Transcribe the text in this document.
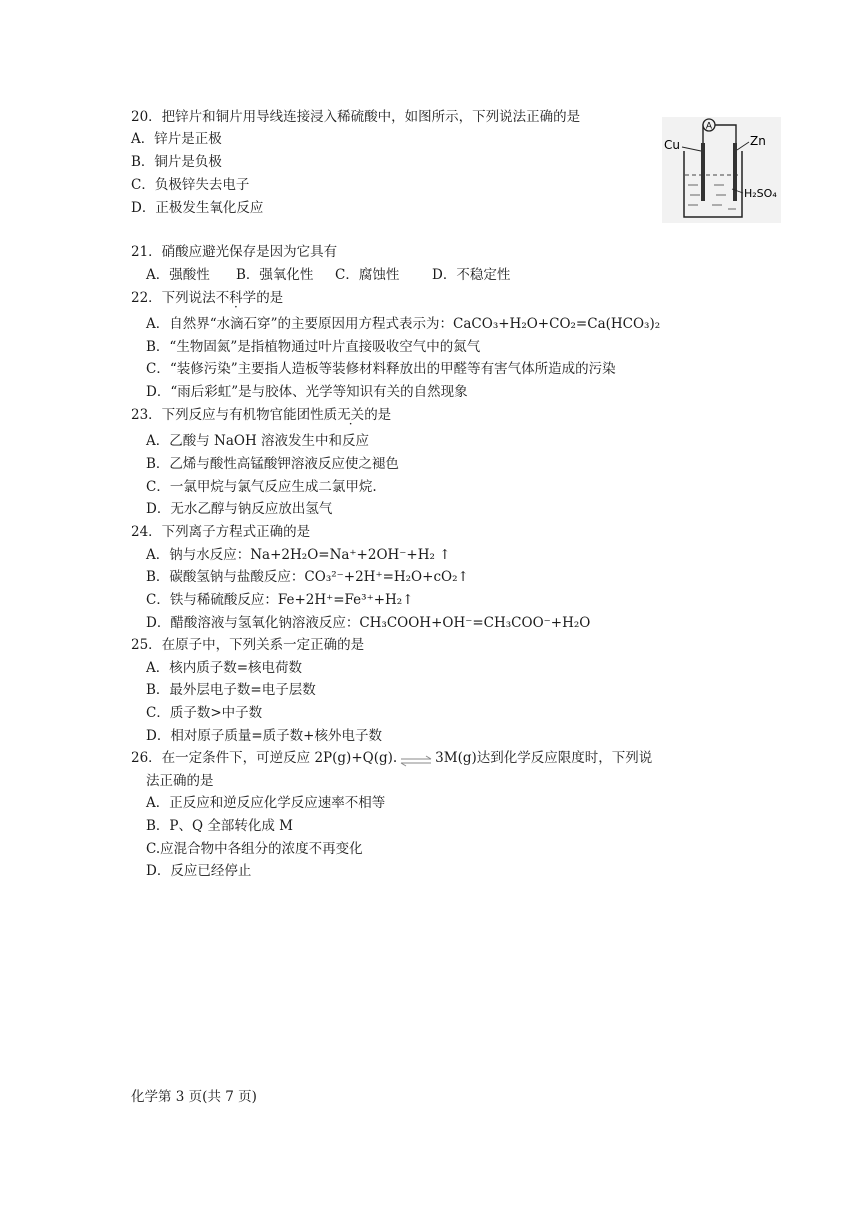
20．把锌片和铜片用导线连接浸入稀硫酸中，如图所示，下列说法正确的是
A．锌片是正极
B．铜片是负极
C．负极锌失去电子
D．正极发生氧化反应
A
Cu	Zn
H₂SO₄
21．硝酸应避光保存是因为它具有
A．强酸性 B．强氧化性 C．腐蚀性 D．不稳定性
22．下列说法不科学的是
A．自然界“水滴石穿”的主要原因用方程式表示为：CaCO₃+H₂O+CO₂=Ca(HCO₃)₂
B．“生物固氮”是指植物通过叶片直接吸收空气中的氮气
C．“装修污染”主要指人造板等装修材料释放出的甲醛等有害气体所造成的污染
D．“雨后彩虹”是与胶体、光学等知识有关的自然现象
23．下列反应与有机物官能团性质无关的是
A．乙酸与 NaOH 溶液发生中和反应
B．乙烯与酸性高锰酸钾溶液反应使之褪色
C．一氯甲烷与氯气反应生成二氯甲烷.
D．无水乙醇与钠反应放出氢气
24．下列离子方程式正确的是
A．钠与水反应：Na+2H₂O=Na⁺+2OH⁻+H₂ ↑
B．碳酸氢钠与盐酸反应：CO₃²⁻+2H⁺=H₂O+cO₂↑
C．铁与稀硫酸反应：Fe+2H⁺=Fe³⁺+H₂↑
D．醋酸溶液与氢氧化钠溶液反应：CH₃COOH+OH⁻=CH₃COO⁻+H₂O
25．在原子中，下列关系一定正确的是
A．核内质子数=核电荷数
B．最外层电子数=电子层数
C．质子数>中子数
D．相对原子质量=质子数+核外电子数
26．在一定条件下，可逆反应 2P(g)+Q(g).⇌3M(g)达到化学反应限度时，下列说
法正确的是
A．正反应和逆反应化学反应速率不相等
B．P、Q 全部转化成 M
C.应混合物中各组分的浓度不再变化
D．反应已经停止
化学第 3 页(共 7 页)
